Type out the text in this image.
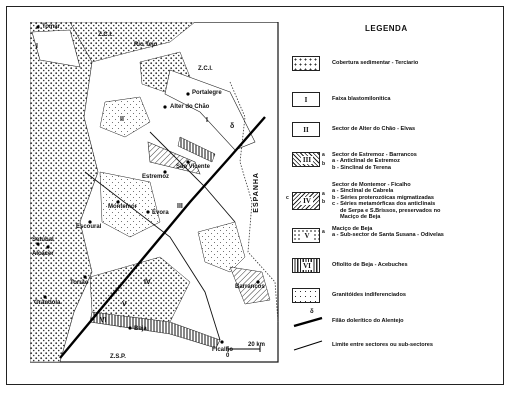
Tomar
Z.C.I.
Rio Tejo
Z.C.I.
Portalegre
Alter do Chão
Estremoz
São Vicente
Montemor
Évora
Escoural
Setúbal
Alcácer
Torrão
Grândola
Beja
Barrancos
Ficalho
Z.S.P.
ESPANHA
I
I
II
III
IV
V
VI
0
20 km
δ
LEGENDA
Cobertura sedimentar - Terciario
I	Faixa blastomilonitica
II	Sector de Alter do Chão - Elvas
III
a
b
Sector de Estremoz - Barrancos
a - Anticlinal de Estremoz
b - Sinclinal de Terena
IV
a
b
c
Sector de Montemor - Ficalho
a - Sinclinal de Cabrela
b - Séries proterozóicas migmatizadas
c - Séries metamórficas dos anticlinais
de Serpa e S.Brissos, preservados no
Maciço de Beja
V	a Maciço de Beja
a - Sub-sector de Santa Susana - Odivelas
VI	Ofiolito de Beja - Acebuches
Granitóides indiferenciados
δ
Filão dolerítico do Alentejo
Limite entre sectores ou sub-sectores
